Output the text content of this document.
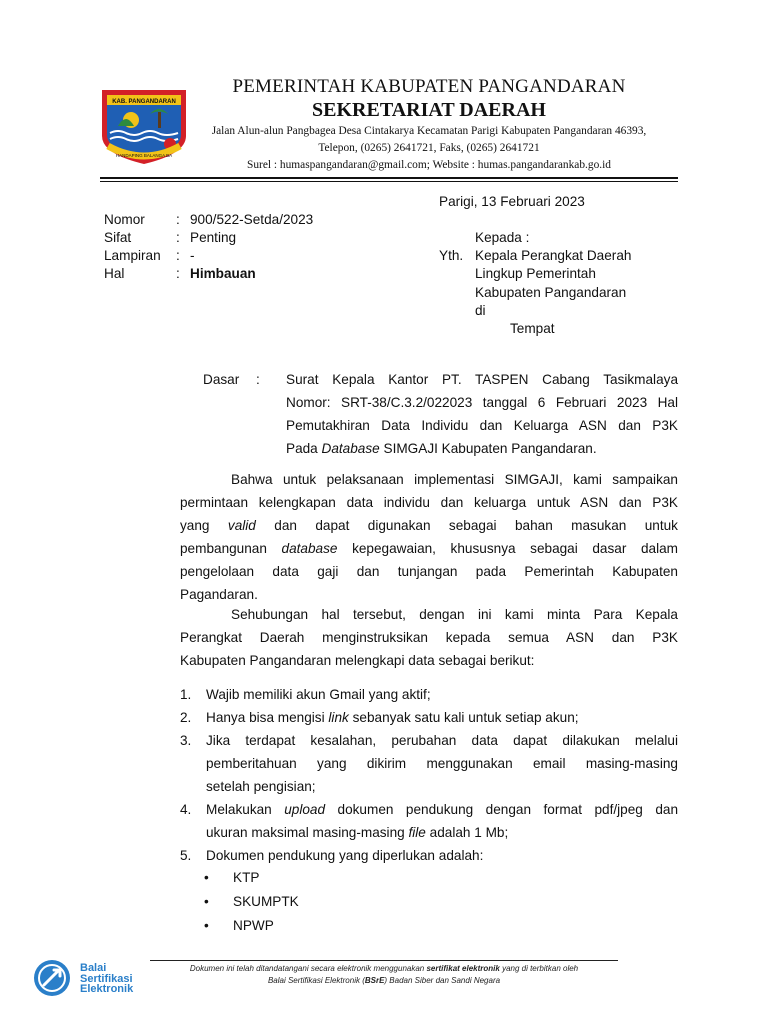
KAB. PANGANDARAN
HANDAPING BALANGA BA
PEMERINTAH KABUPATEN PANGANDARAN
SEKRETARIAT DAERAH
Jalan Alun-alun Pangbagea Desa Cintakarya Kecamatan Parigi Kabupaten Pangandaran 46393,
Telepon, (0265) 2641721, Faks, (0265) 2641721
Surel : humaspangandaran@gmail.com; Website : humas.pangandarankab.go.id
Parigi, 13 Februari 2023
Nomor : 900/522-Setda/2023
Sifat	: Penting
Lampiran : -
Hal	: Himbauan
Kepada :
Yth. Kepala Perangkat Daerah
Lingkup Pemerintah
Kabupaten Pangandaran
di
Tempat
Dasar : Surat Kepala Kantor PT. TASPEN Cabang Tasikmalaya
Nomor: SRT-38/C.3.2/022023 tanggal 6 Februari 2023 Hal
Pemutakhiran Data Individu dan Keluarga ASN dan P3K
Pada Database SIMGAJI Kabupaten Pangandaran.
Bahwa untuk pelaksanaan implementasi SIMGAJI, kami sampaikan
permintaan kelengkapan data individu dan keluarga untuk ASN dan P3K
yang valid dan dapat digunakan sebagai bahan masukan untuk
pembangunan database kepegawaian, khususnya sebagai dasar dalam
pengelolaan data gaji dan tunjangan pada Pemerintah Kabupaten
Pagandaran.
Sehubungan hal tersebut, dengan ini kami minta Para Kepala
Perangkat Daerah menginstruksikan kepada semua ASN dan P3K
Kabupaten Pangandaran melengkapi data sebagai berikut:
1. Wajib memiliki akun Gmail yang aktif;
2. Hanya bisa mengisi link sebanyak satu kali untuk setiap akun;
3. Jika terdapat kesalahan, perubahan data dapat dilakukan melalui
pemberitahuan yang dikirim menggunakan email masing-masing
setelah pengisian;
4. Melakukan upload dokumen pendukung dengan format pdf/jpeg dan
ukuran maksimal masing-masing file adalah 1 Mb;
5. Dokumen pendukung yang diperlukan adalah:
• KTP
• SKUMPTK
• NPWP
Balai
Sertifikasi
Elektronik
Dokumen ini telah ditandatangani secara elektronik menggunakan sertifikat elektronik yang di terbitkan oleh
Balai Sertifikasi Elektronik (BSrE) Badan Siber dan Sandi Negara
